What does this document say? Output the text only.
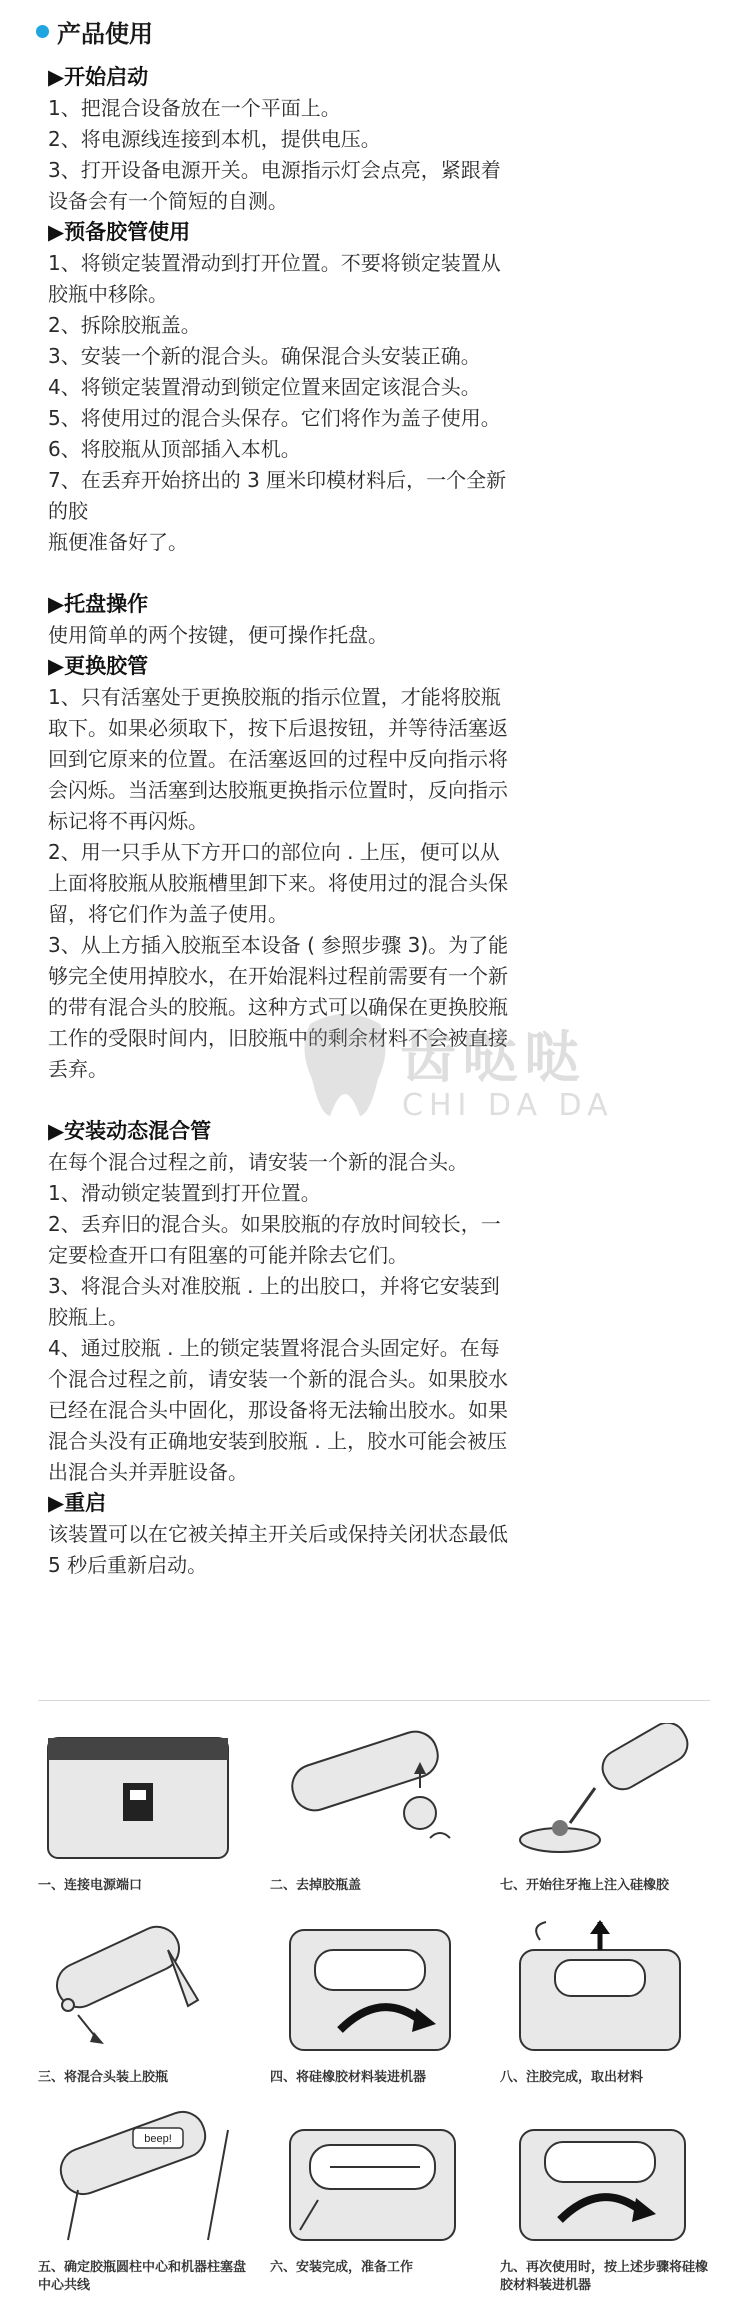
产品使用
▶开始启动
1、把混合设备放在一个平面上。
2、将电源线连接到本机，提供电压。
3、打开设备电源开关。电源指示灯会点亮，紧跟着
设备会有一个简短的自测。
▶预备胶管使用
1、将锁定装置滑动到打开位置。不要将锁定装置从
胶瓶中移除。
2、拆除胶瓶盖。
3、安装一个新的混合头。确保混合头安装正确。
4、将锁定装置滑动到锁定位置来固定该混合头。
5、将使用过的混合头保存。它们将作为盖子使用。
6、将胶瓶从顶部插入本机。
7、在丢弃开始挤出的 3 厘米印模材料后，一个全新
的胶
瓶便准备好了。
▶托盘操作
使用简单的两个按键，便可操作托盘。
▶更换胶管
1、只有活塞处于更换胶瓶的指示位置，才能将胶瓶
取下。如果必须取下，按下后退按钮，并等待活塞返
回到它原来的位置。在活塞返回的过程中反向指示将
会闪烁。当活塞到达胶瓶更换指示位置时，反向指示
标记将不再闪烁。
2、用一只手从下方开口的部位向 . 上压，便可以从
上面将胶瓶从胶瓶槽里卸下来。将使用过的混合头保
留，将它们作为盖子使用。
3、从上方插入胶瓶至本设备 ( 参照步骤 3)。为了能
够完全使用掉胶水，在开始混料过程前需要有一个新
的带有混合头的胶瓶。这种方式可以确保在更换胶瓶
工作的受限时间内，旧胶瓶中的剩余材料不会被直接
丢弃。
▶安装动态混合管
在每个混合过程之前，请安装一个新的混合头。
1、滑动锁定装置到打开位置。
2、丢弃旧的混合头。如果胶瓶的存放时间较长，一
定要检查开口有阻塞的可能并除去它们。
3、将混合头对准胶瓶 . 上的出胶口，并将它安装到
胶瓶上。
4、通过胶瓶 . 上的锁定装置将混合头固定好。在每
个混合过程之前，请安装一个新的混合头。如果胶水
已经在混合头中固化，那设备将无法输出胶水。如果
混合头没有正确地安装到胶瓶 . 上，胶水可能会被压
出混合头并弄脏设备。
▶重启
该装置可以在它被关掉主开关后或保持关闭状态最低
5 秒后重新启动。
齿哒哒
CHI DA DA
一、连接电源端口	二、去掉胶瓶盖	七、开始往牙拖上注入硅橡胶
三、将混合头装上胶瓶	四、将硅橡胶材料装进机器	八、注胶完成，取出材料
beep!
五、确定胶瓶圆柱中心和机器柱塞盘中心共线
六、安装完成，准备工作	九、再次使用时，按上述步骤将硅橡胶材料装进机器
